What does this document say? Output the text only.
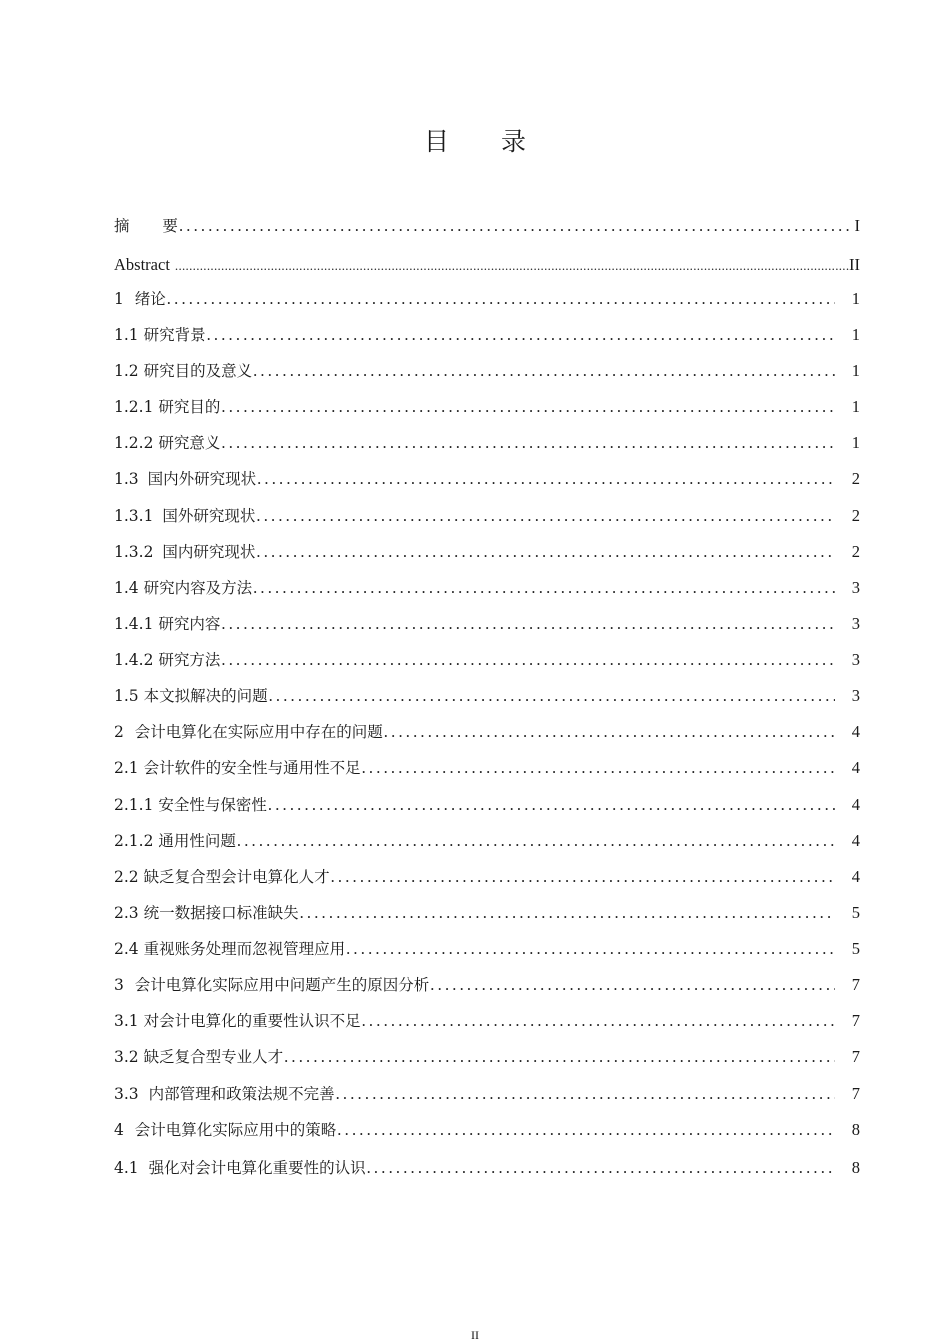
目 录
摘 要 .....	I
Abstract .....	II
1 绪论 .....	1
1.1 研究背景 .....	1
1.2 研究目的及意义 .....	1
1.2.1 研究目的 .....	1
1.2.2 研究意义 .....	1
1.3 国内外研究现状 .....	2
1.3.1 国外研究现状 .....	2
1.3.2 国内研究现状 .....	2
1.4 研究内容及方法 .....	3
1.4.1 研究内容 .....	3
1.4.2 研究方法 .....	3
1.5 本文拟解决的问题 .....	3
2 会计电算化在实际应用中存在的问题 .....	4
2.1 会计软件的安全性与通用性不足 .....	4
2.1.1 安全性与保密性 .....	4
2.1.2 通用性问题 .....	4
2.2 缺乏复合型会计电算化人才 .....	4
2.3 统一数据接口标准缺失 .....	5
2.4 重视账务处理而忽视管理应用 .....	5
3 会计电算化实际应用中问题产生的原因分析 .....	7
3.1 对会计电算化的重要性认识不足 .....	7
3.2 缺乏复合型专业人才 .....	7
3.3 内部管理和政策法规不完善 .....	7
4 会计电算化实际应用中的策略 .....	8
4.1 强化对会计电算化重要性的认识 .....	8
II
